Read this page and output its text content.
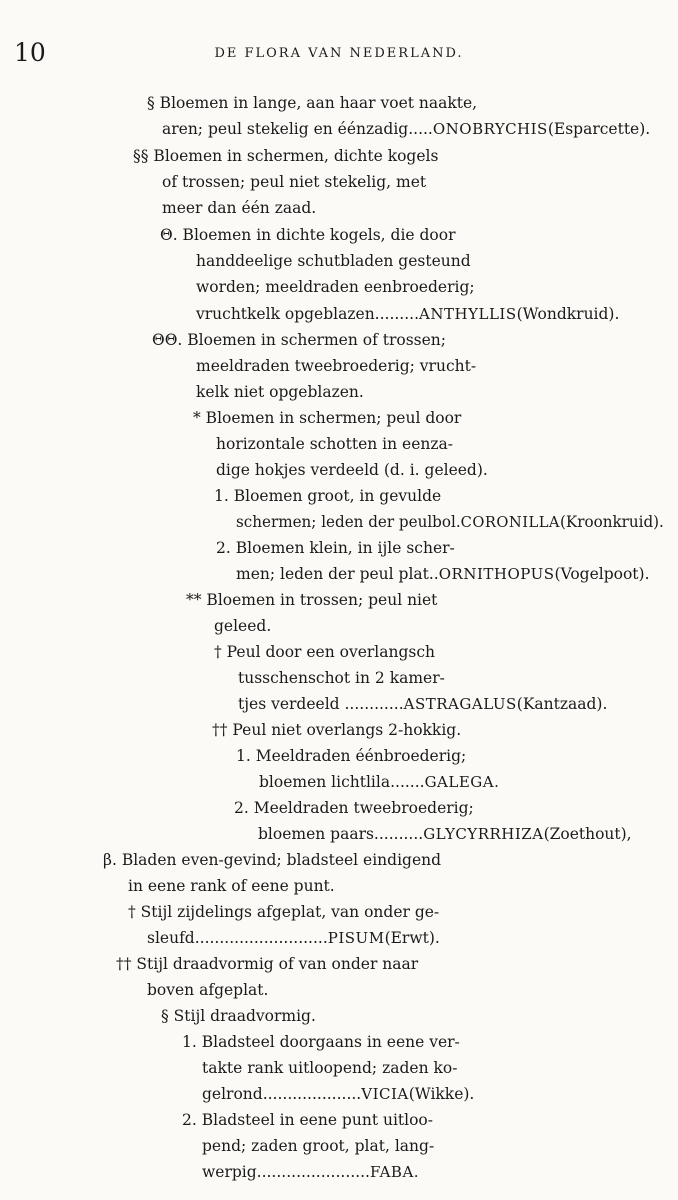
10	DE FLORA VAN NEDERLAND.
§ Bloemen in lange, aan haar voet naakte,
aren; peul stekelig en éénzadig.....ONOBRYCHIS(Esparcette).
§§ Bloemen in schermen, dichte kogels
of trossen; peul niet stekelig, met
meer dan één zaad.
Θ. Bloemen in dichte kogels, die door
handdeelige schutbladen gesteund
worden; meeldraden eenbroederig;
vruchtkelk opgeblazen.........ANTHYLLIS(Wondkruid).
ΘΘ. Bloemen in schermen of trossen;
meeldraden tweebroederig; vrucht-
kelk niet opgeblazen.
* Bloemen in schermen; peul door
horizontale schotten in eenza-
dige hokjes verdeeld (d. i. geleed).
1. Bloemen groot, in gevulde
schermen; leden der peulbol.CORONILLA(Kroonkruid).
2. Bloemen klein, in ijle scher-
men; leden der peul plat..ORNITHOPUS(Vogelpoot).
** Bloemen in trossen; peul niet
geleed.
† Peul door een overlangsch
tusschenschot in 2 kamer-
tjes verdeeld ............ASTRAGALUS(Kantzaad).
†† Peul niet overlangs 2-hokkig.
1. Meeldraden éénbroederig;
bloemen lichtlila.......GALEGA.
2. Meeldraden tweebroederig;
bloemen paars..........GLYCYRRHIZA(Zoethout),
β. Bladen even-gevind; bladsteel eindigend
in eene rank of eene punt.
† Stijl zijdelings afgeplat, van onder ge-
sleufd...........................PISUM(Erwt).
†† Stijl draadvormig of van onder naar
boven afgeplat.
§ Stijl draadvormig.
1. Bladsteel doorgaans in eene ver-
takte rank uitloopend; zaden ko-
gelrond....................VICIA(Wikke).
2. Bladsteel in eene punt uitloo-
pend; zaden groot, plat, lang-
werpig.......................FABA.
